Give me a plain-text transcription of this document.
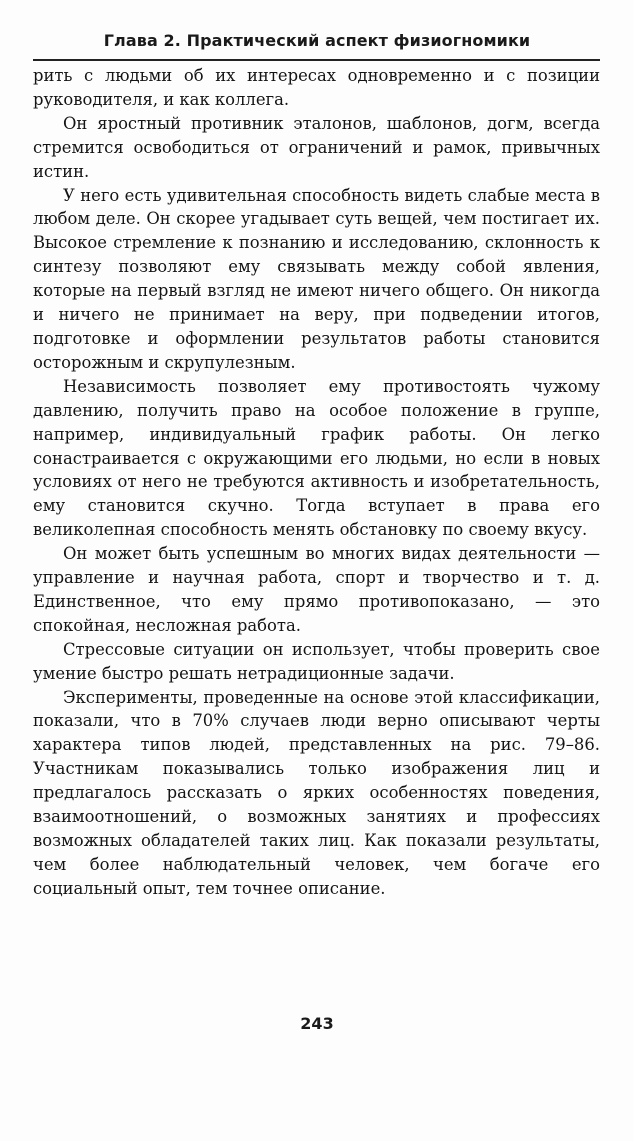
Глава 2. Практический аспект физиогномики

рить с людьми об их интересах одновременно и с позиции руководителя, и как коллега.

Он яростный противник эталонов, шаблонов, догм, всегда стремится освободиться от ограничений и рамок, привычных истин.

У него есть удивительная способность видеть слабые места в любом деле. Он скорее угадывает суть вещей, чем постигает их. Высокое стремление к познанию и исследованию, склонность к синтезу позволяют ему связывать между собой явления, которые на первый взгляд не имеют ничего общего. Он никогда и ничего не принимает на веру, при подведении итогов, подготовке и оформлении результатов работы становится осторожным и скрупулезным.

Независимость позволяет ему противостоять чужому давлению, получить право на особое положение в группе, например, индивидуальный график работы. Он легко сонастраивается с окружающими его людьми, но если в новых условиях от него не требуются активность и изобретательность, ему становится скучно. Тогда вступает в права его великолепная способность менять обстановку по своему вкусу.

Он может быть успешным во многих видах деятельности — управление и научная работа, спорт и творчество и т. д. Единственное, что ему прямо противопоказано, — это спокойная, несложная работа.

Стрессовые ситуации он использует, чтобы проверить свое умение быстро решать нетрадиционные задачи.

Эксперименты, проведенные на основе этой классификации, показали, что в 70% случаев люди верно описывают черты характера типов людей, представленных на рис. 79–86. Участникам показывались только изображения лиц и предлагалось рассказать о ярких особенностях поведения, взаимоотношений, о возможных занятиях и профессиях возможных обладателей таких лиц. Как показали результаты, чем более наблюдательный человек, чем богаче его социальный опыт, тем точнее описание.

243
